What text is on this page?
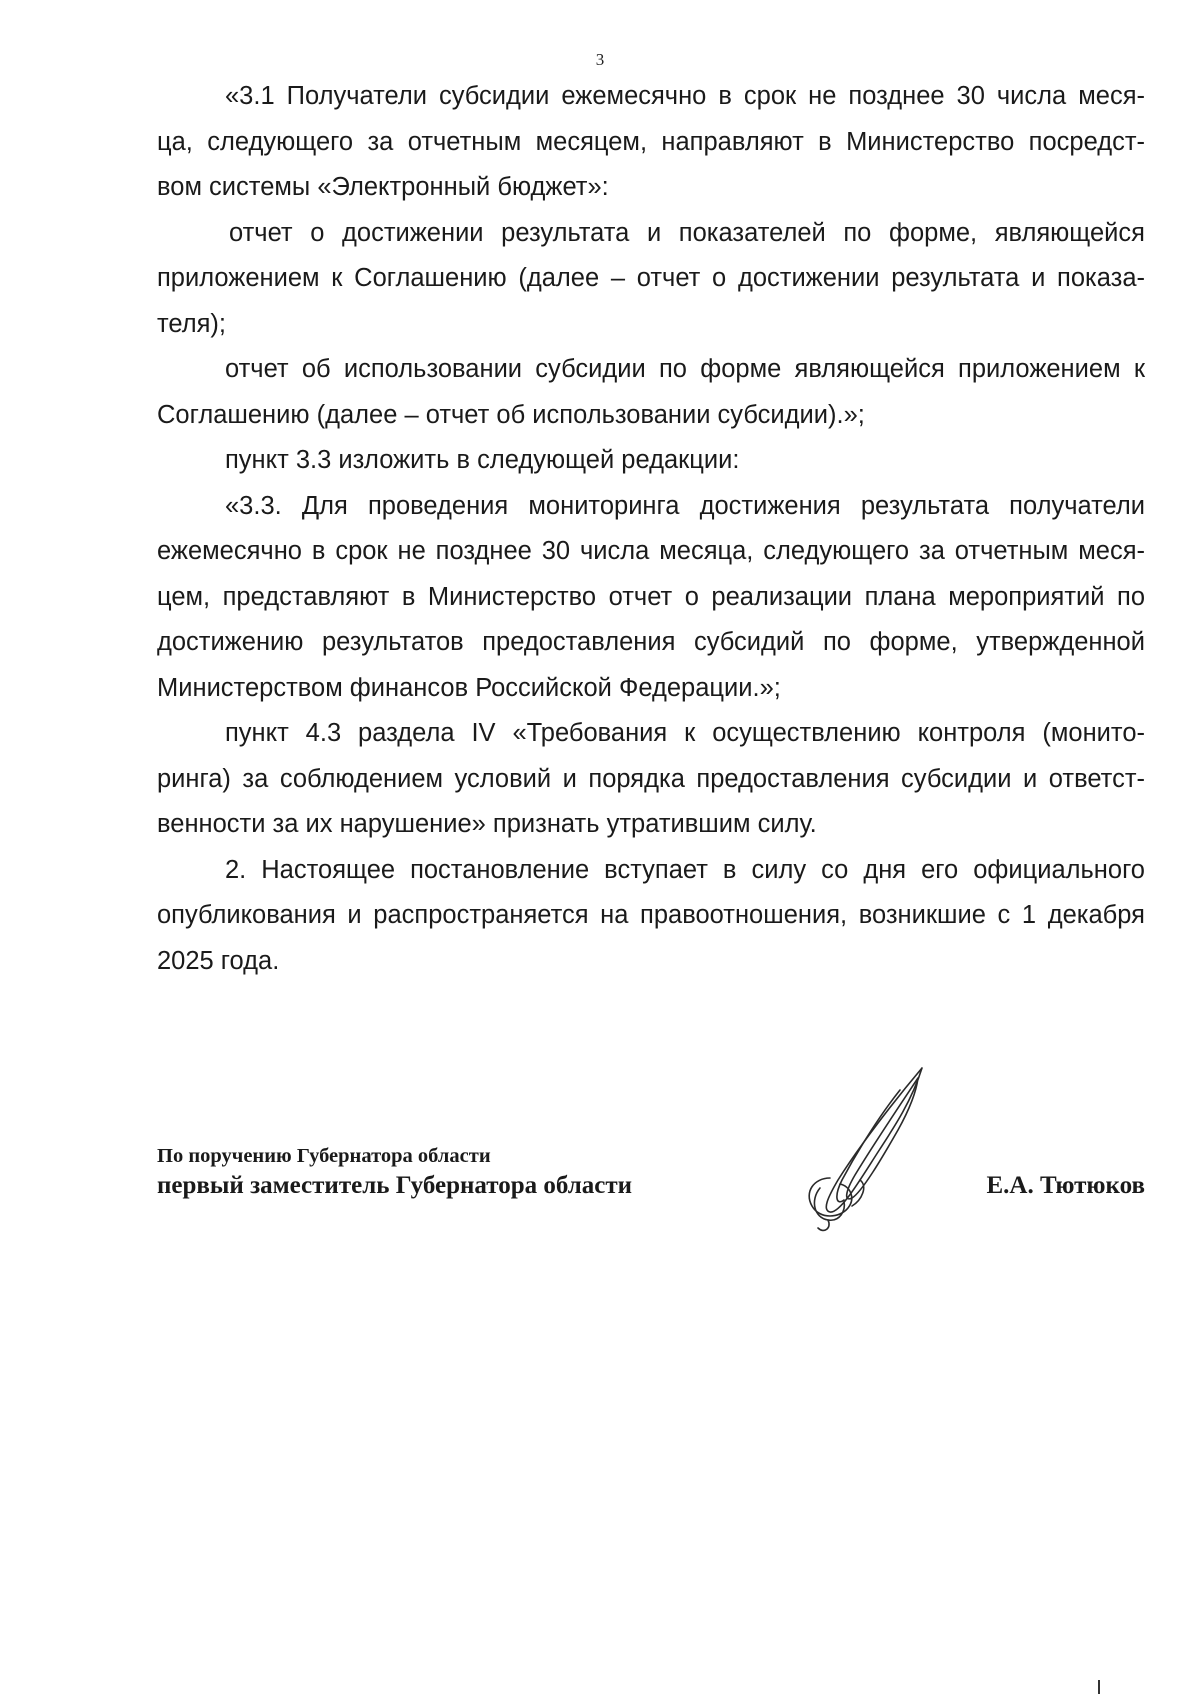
3
«3.1 Получатели субсидии ежемесячно в срок не позднее 30 числа меся-
ца, следующего за отчетным месяцем, направляют в Министерство посредст-
вом системы «Электронный бюджет»:
отчет о достижении результата и показателей по форме, являющейся
приложением к Соглашению (далее – отчет о достижении результата и показа-
теля);
отчет об использовании субсидии по форме являющейся приложением к
Соглашению (далее – отчет об использовании субсидии).»;
пункт 3.3 изложить в следующей редакции:
«3.3. Для проведения мониторинга достижения результата получатели
ежемесячно в срок не позднее 30 числа месяца, следующего за отчетным меся-
цем, представляют в Министерство отчет о реализации плана мероприятий по
достижению результатов предоставления субсидий по форме, утвержденной
Министерством финансов Российской Федерации.»;
пункт 4.3 раздела IV «Требования к осуществлению контроля (монито-
ринга) за соблюдением условий и порядка предоставления субсидии и ответст-
венности за их нарушение» признать утратившим силу.
2. Настоящее постановление вступает в силу со дня его официального
опубликования и распространяется на правоотношения, возникшие с 1 декабря
2025 года.
По поручению Губернатора области
первый заместитель Губернатора области	Е.А. Тютюков
